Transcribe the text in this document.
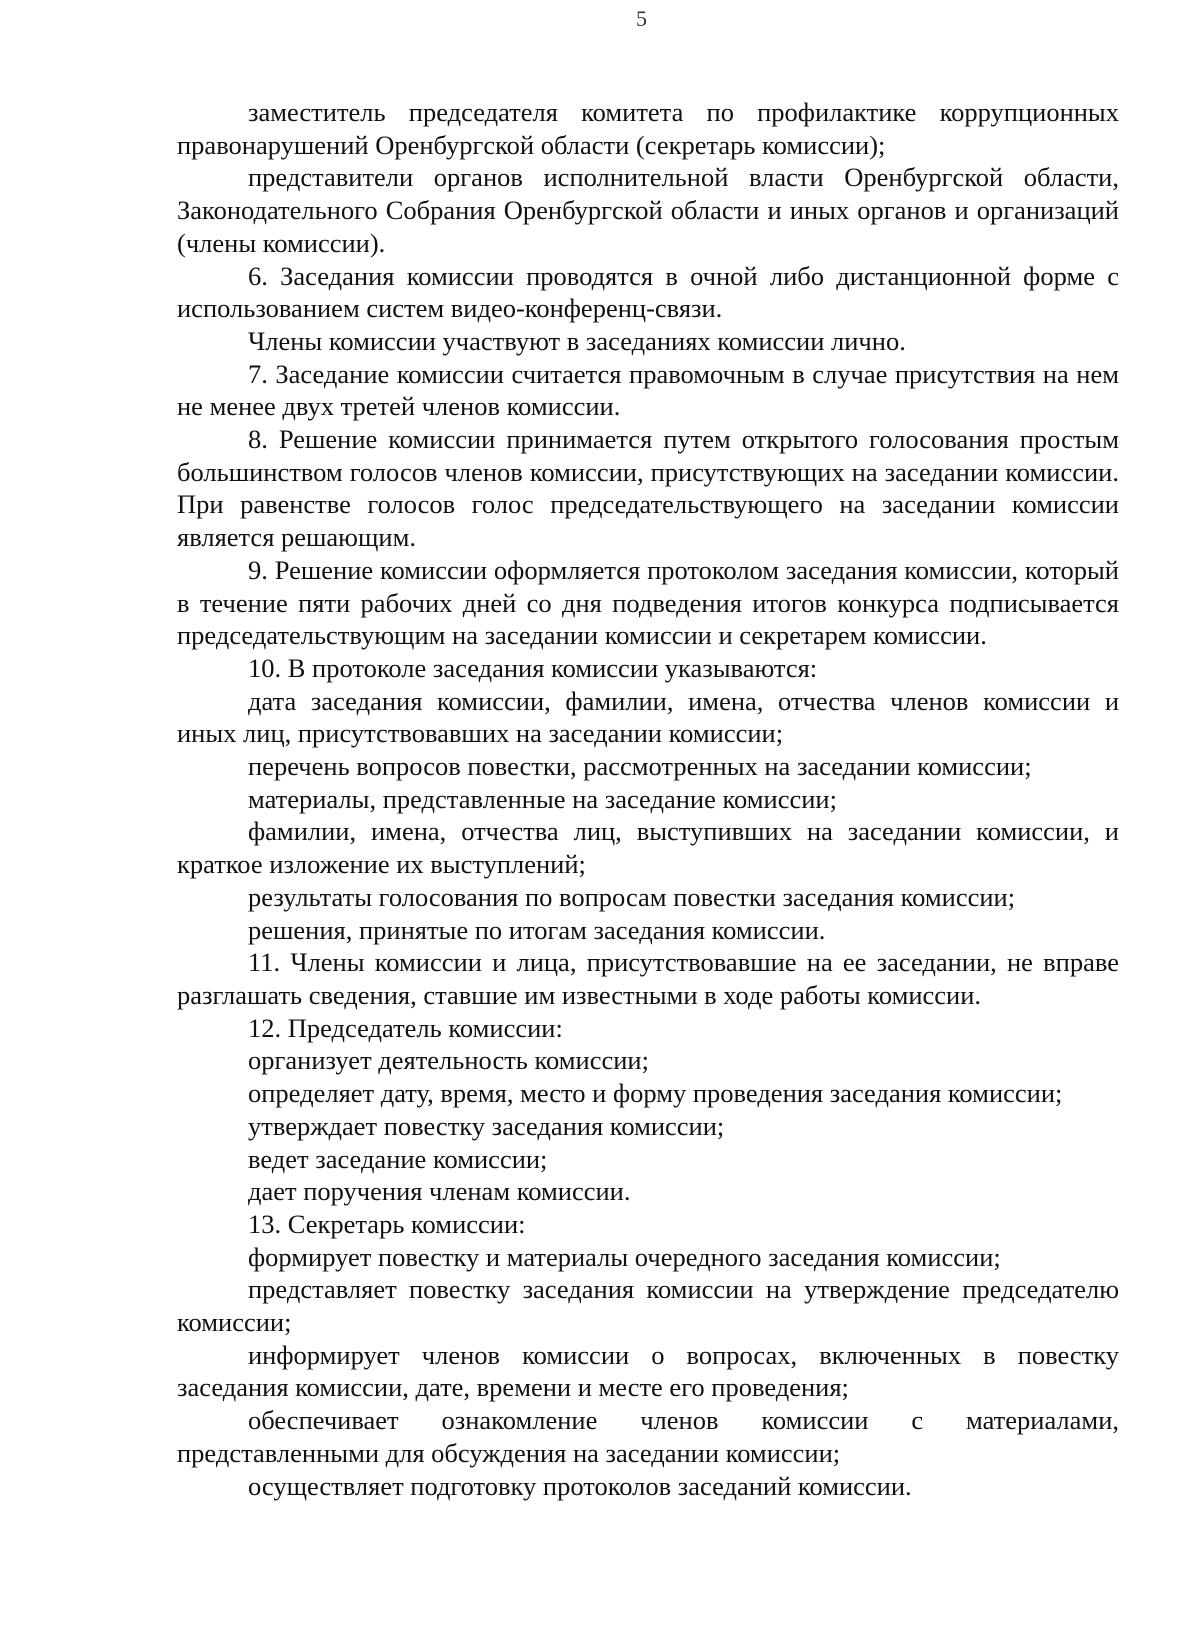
5

заместитель председателя комитета по профилактике коррупционных правонарушений Оренбургской области (секретарь комиссии);

представители органов исполнительной власти Оренбургской области, Законодательного Собрания Оренбургской области и иных органов и организаций (члены комиссии).

6. Заседания комиссии проводятся в очной либо дистанционной форме с использованием систем видео-конференц-связи.

Члены комиссии участвуют в заседаниях комиссии лично.

7. Заседание комиссии считается правомочным в случае присутствия на нем не менее двух третей членов комиссии.

8. Решение комиссии принимается путем открытого голосования простым большинством голосов членов комиссии, присутствующих на заседании комиссии. При равенстве голосов голос председательствующего на заседании комиссии является решающим.

9. Решение комиссии оформляется протоколом заседания комиссии, который в течение пяти рабочих дней со дня подведения итогов конкурса подписывается председательствующим на заседании комиссии и секретарем комиссии.

10. В протоколе заседания комиссии указываются:

дата заседания комиссии, фамилии, имена, отчества членов комиссии и иных лиц, присутствовавших на заседании комиссии;

перечень вопросов повестки, рассмотренных на заседании комиссии;

материалы, представленные на заседание комиссии;

фамилии, имена, отчества лиц, выступивших на заседании комиссии, и краткое изложение их выступлений;

результаты голосования по вопросам повестки заседания комиссии;

решения, принятые по итогам заседания комиссии.

11. Члены комиссии и лица, присутствовавшие на ее заседании, не вправе разглашать сведения, ставшие им известными в ходе работы комиссии.

12. Председатель комиссии:

организует деятельность комиссии;

определяет дату, время, место и форму проведения заседания комиссии;

утверждает повестку заседания комиссии;

ведет заседание комиссии;

дает поручения членам комиссии.

13. Секретарь комиссии:

формирует повестку и материалы очередного заседания комиссии;

представляет повестку заседания комиссии на утверждение председателю комиссии;

информирует членов комиссии о вопросах, включенных в повестку заседания комиссии, дате, времени и месте его проведения;

обеспечивает ознакомление членов комиссии с материалами, представленными для обсуждения на заседании комиссии;

осуществляет подготовку протоколов заседаний комиссии.
